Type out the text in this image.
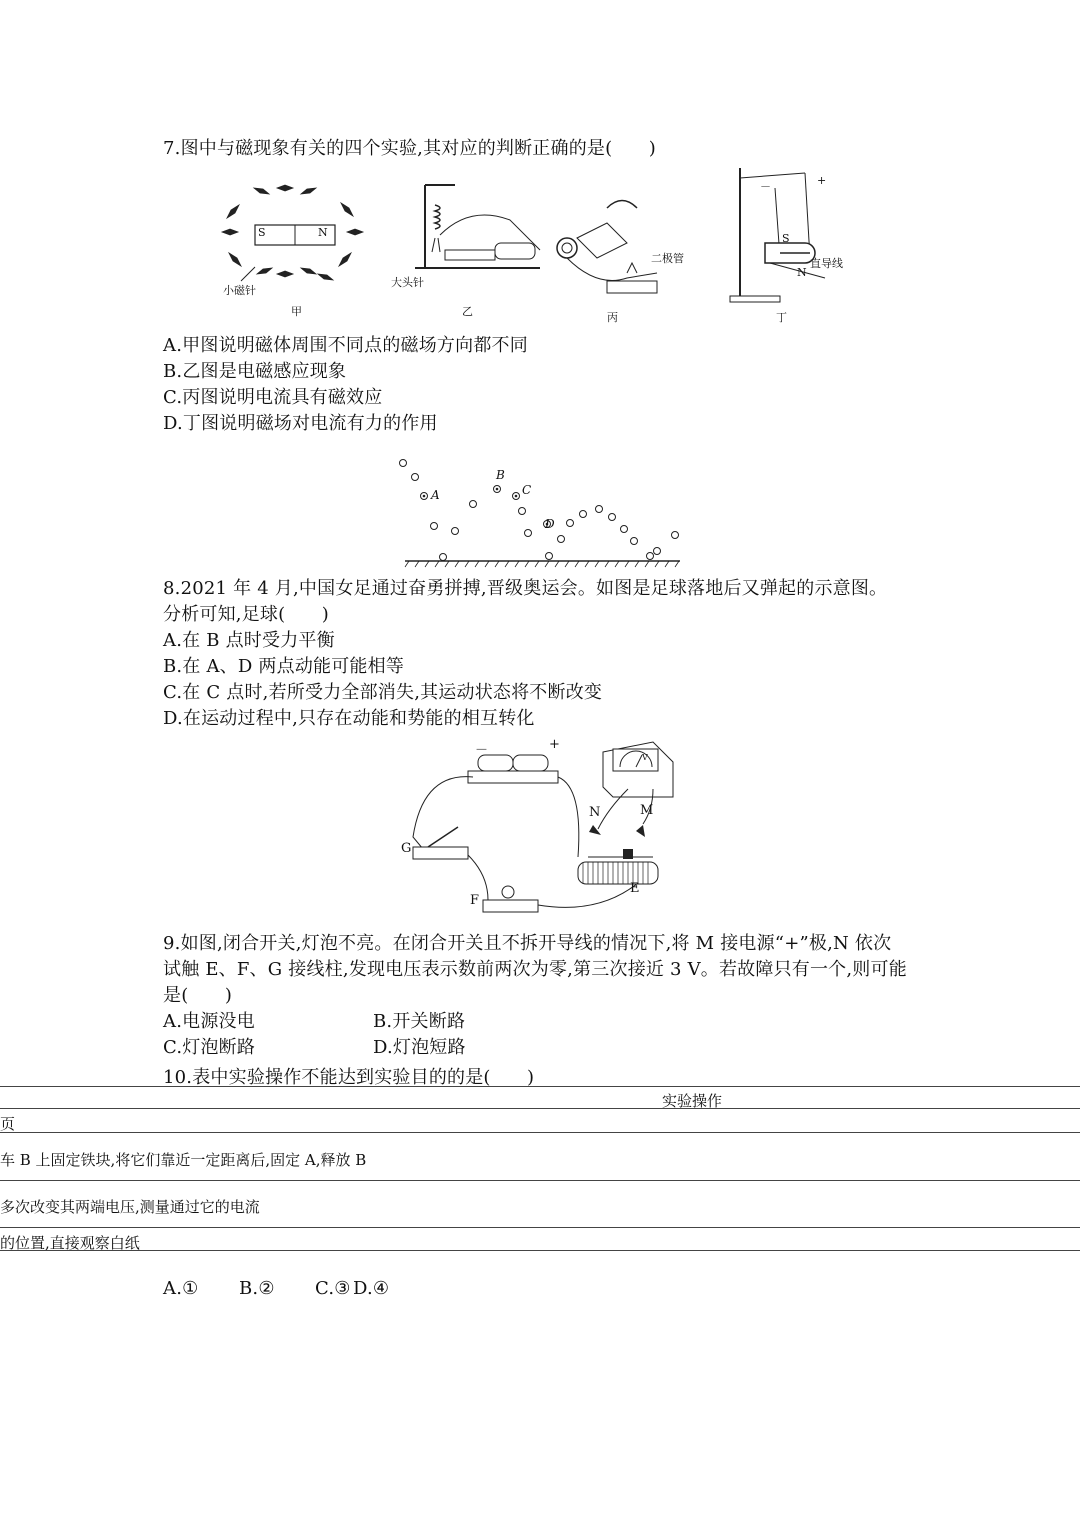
7.图中与磁现象有关的四个实验,其对应的判断正确的是(　　)
S	N
小磁针
甲
大头针
乙
二极管
丙
－	+
S
N
直导线
丁
A.甲图说明磁体周围不同点的磁场方向都不同
B.乙图是电磁感应现象
C.丙图说明电流具有磁效应
D.丁图说明磁场对电流有力的作用
A
B
C
D
8.2021 年 4 月,中国女足通过奋勇拼搏,晋级奥运会。如图是足球落地后又弹起的示意图。
分析可知,足球(　　)
A.在 B 点时受力平衡
B.在 A、D 两点动能可能相等
C.在 C 点时,若所受力全部消失,其运动状态将不断改变
D.在运动过程中,只存在动能和势能的相互转化
－	+
V
N	M
G
F
E
9.如图,闭合开关,灯泡不亮。在闭合开关且不拆开导线的情况下,将 M 接电源“+”极,N 依次
试触 E、F、G 接线柱,发现电压表示数前两次为零,第三次接近 3 V。若故障只有一个,则可能
是(　　)
A.电源没电	B.开关断路
C.灯泡断路	D.灯泡短路
10.表中实验操作不能达到实验目的的是(　　)
实验操作
页
车 B 上固定铁块,将它们靠近一定距离后,固定 A,释放 B
多次改变其两端电压,测量通过它的电流
的位置,直接观察白纸
A.① B.② C.③ D.④
